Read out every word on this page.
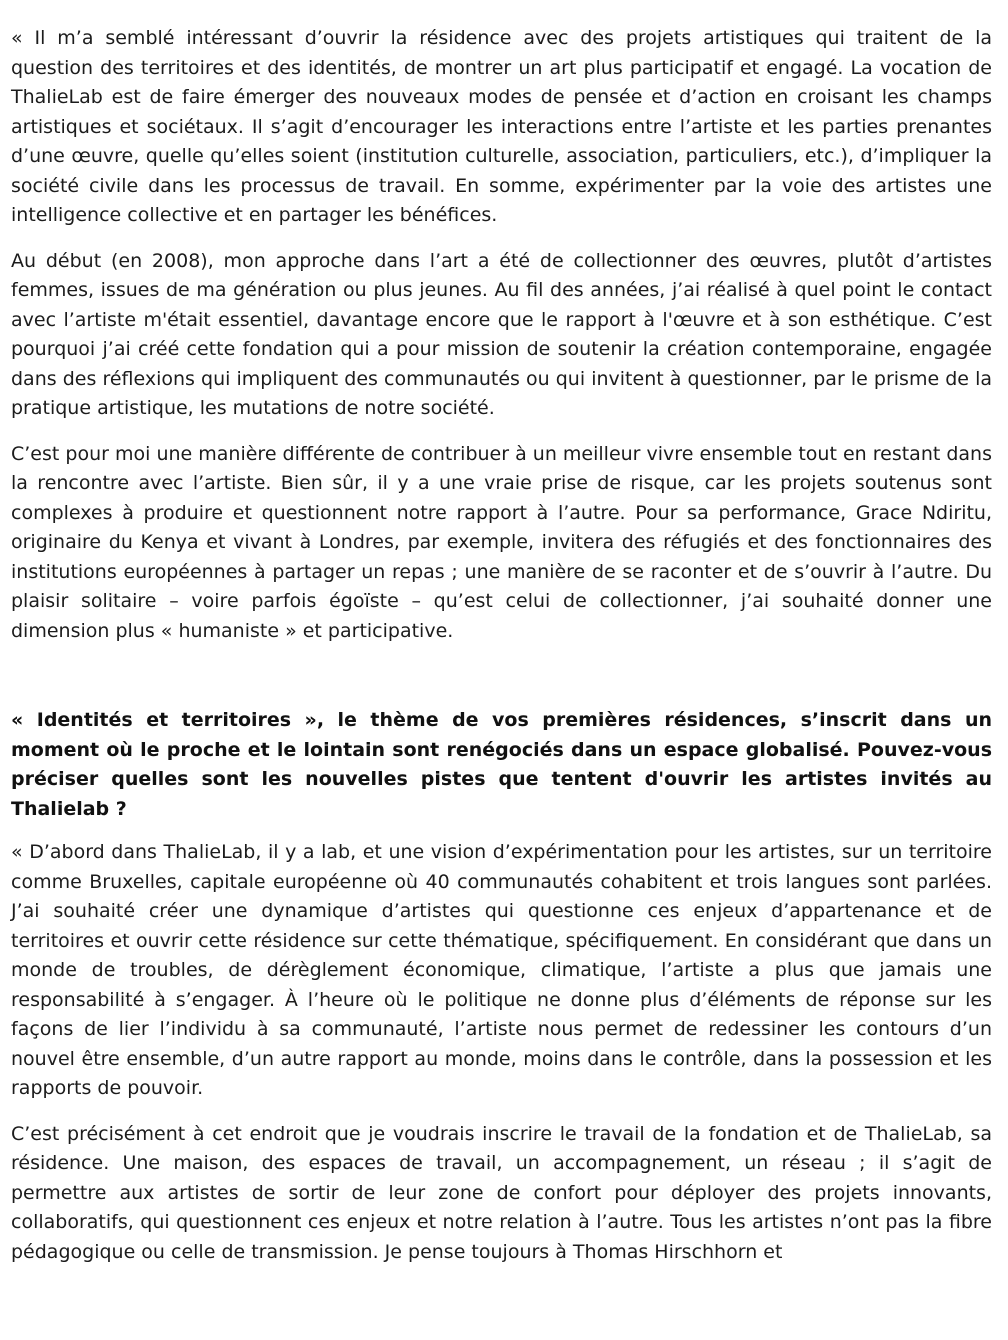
« Il m’a semblé intéressant d’ouvrir la résidence avec des projets artistiques qui traitent de la question des territoires et des identités, de montrer un art plus participatif et engagé. La vocation de ThalieLab est de faire émerger des nouveaux modes de pensée et d’action en croisant les champs artistiques et sociétaux. Il s’agit d’encourager les interactions entre l’artiste et les parties prenantes d’une œuvre, quelle qu’elles soient (institution culturelle, association, particuliers, etc.), d’impliquer la société civile dans les processus de travail. En somme, expérimenter par la voie des artistes une intelligence collective et en partager les bénéfices.

Au début (en 2008), mon approche dans l’art a été de collectionner des œuvres, plutôt d’artistes femmes, issues de ma génération ou plus jeunes. Au fil des années, j’ai réalisé à quel point le contact avec l’artiste m'était essentiel, davantage encore que le rapport à l'œuvre et à son esthétique. C’est pourquoi j’ai créé cette fondation qui a pour mission de soutenir la création contemporaine, engagée dans des réflexions qui impliquent des communautés ou qui invitent à questionner, par le prisme de la pratique artistique, les mutations de notre société.

C’est pour moi une manière différente de contribuer à un meilleur vivre ensemble tout en restant dans la rencontre avec l’artiste. Bien sûr, il y a une vraie prise de risque, car les projets soutenus sont complexes à produire et questionnent notre rapport à l’autre. Pour sa performance, Grace Ndiritu, originaire du Kenya et vivant à Londres, par exemple, invitera des réfugiés et des fonctionnaires des institutions européennes à partager un repas ; une manière de se raconter et de s’ouvrir à l’autre. Du plaisir solitaire – voire parfois égoïste – qu’est celui de collectionner, j’ai souhaité donner une dimension plus « humaniste » et participative.

« Identités et territoires », le thème de vos premières résidences, s’inscrit dans un moment où le proche et le lointain sont renégociés dans un espace globalisé. Pouvez-vous préciser quelles sont les nouvelles pistes que tentent d'ouvrir les artistes invités au Thalielab ?

« D’abord dans ThalieLab, il y a lab, et une vision d’expérimentation pour les artistes, sur un territoire comme Bruxelles, capitale européenne où 40 communautés cohabitent et trois langues sont parlées. J’ai souhaité créer une dynamique d’artistes qui questionne ces enjeux d’appartenance et de territoires et ouvrir cette résidence sur cette thématique, spécifiquement. En considérant que dans un monde de troubles, de dérèglement économique, climatique, l’artiste a plus que jamais une responsabilité à s’engager. À l’heure où le politique ne donne plus d’éléments de réponse sur les façons de lier l’individu à sa communauté, l’artiste nous permet de redessiner les contours d’un nouvel être ensemble, d’un autre rapport au monde, moins dans le contrôle, dans la possession et les rapports de pouvoir.

C’est précisément à cet endroit que je voudrais inscrire le travail de la fondation et de ThalieLab, sa résidence. Une maison, des espaces de travail, un accompagnement, un réseau ; il s’agit de permettre aux artistes de sortir de leur zone de confort pour déployer des projets innovants, collaboratifs, qui questionnent ces enjeux et notre relation à l’autre. Tous les artistes n’ont pas la fibre pédagogique ou celle de transmission. Je pense toujours à Thomas Hirschhorn et
